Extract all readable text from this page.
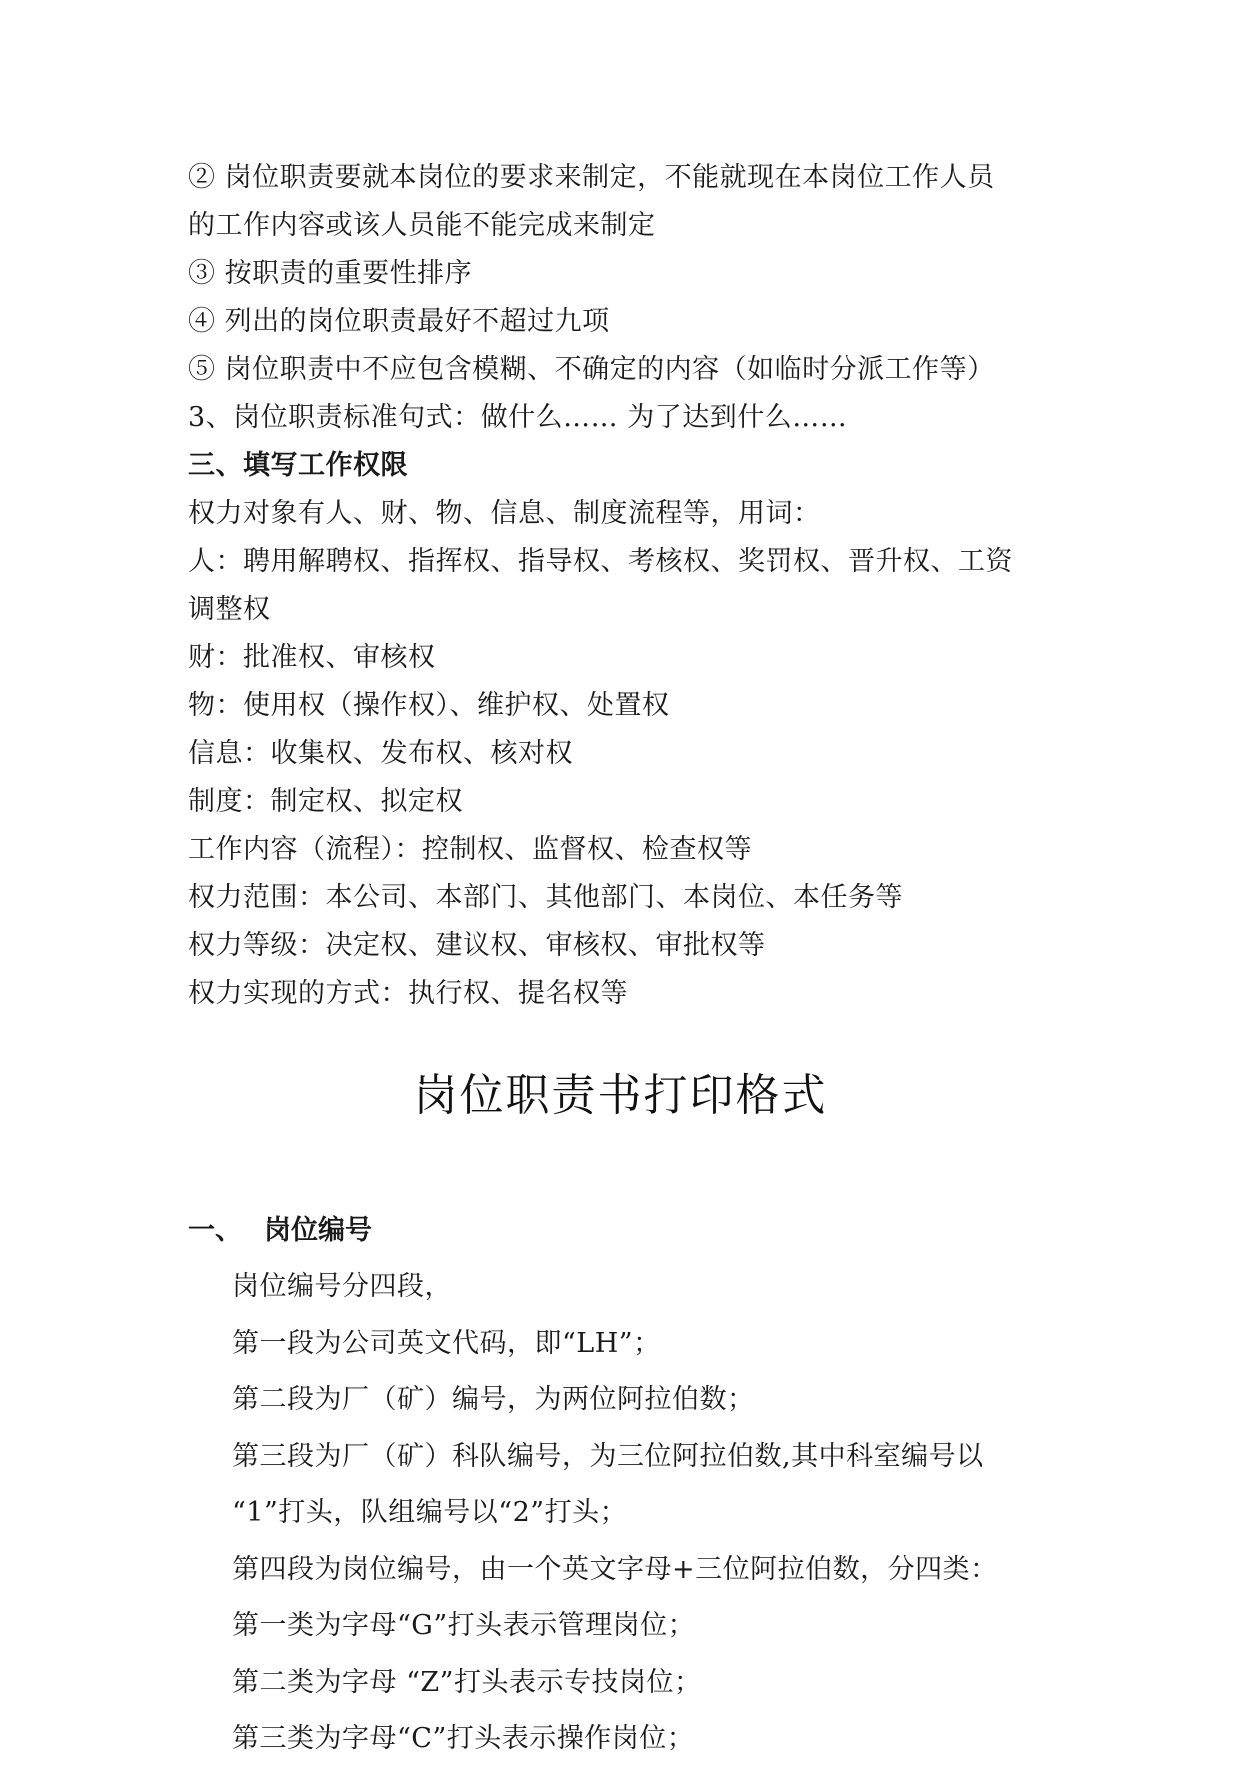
② 岗位职责要就本岗位的要求来制定，不能就现在本岗位工作人员
的工作内容或该人员能不能完成来制定
③ 按职责的重要性排序
④ 列出的岗位职责最好不超过九项
⑤ 岗位职责中不应包含模糊、不确定的内容（如临时分派工作等）
3、岗位职责标准句式：做什么…… 为了达到什么……
三、填写工作权限
权力对象有人、财、物、信息、制度流程等，用词：
人：聘用解聘权、指挥权、指导权、考核权、奖罚权、晋升权、工资
调整权
财：批准权、审核权
物：使用权（操作权）、维护权、处置权
信息：收集权、发布权、核对权
制度：制定权、拟定权
工作内容（流程）：控制权、监督权、检查权等
权力范围：本公司、本部门、其他部门、本岗位、本任务等
权力等级：决定权、建议权、审核权、审批权等
权力实现的方式：执行权、提名权等
岗位职责书打印格式
一、 岗位编号
岗位编号分四段，
第一段为公司英文代码，即“LH”；
第二段为厂（矿）编号，为两位阿拉伯数；
第三段为厂（矿）科队编号，为三位阿拉伯数,其中科室编号以
“1”打头，队组编号以“2”打头；
第四段为岗位编号，由一个英文字母+三位阿拉伯数，分四类：
第一类为字母“G”打头表示管理岗位；
第二类为字母 “Z”打头表示专技岗位；
第三类为字母“C”打头表示操作岗位；
